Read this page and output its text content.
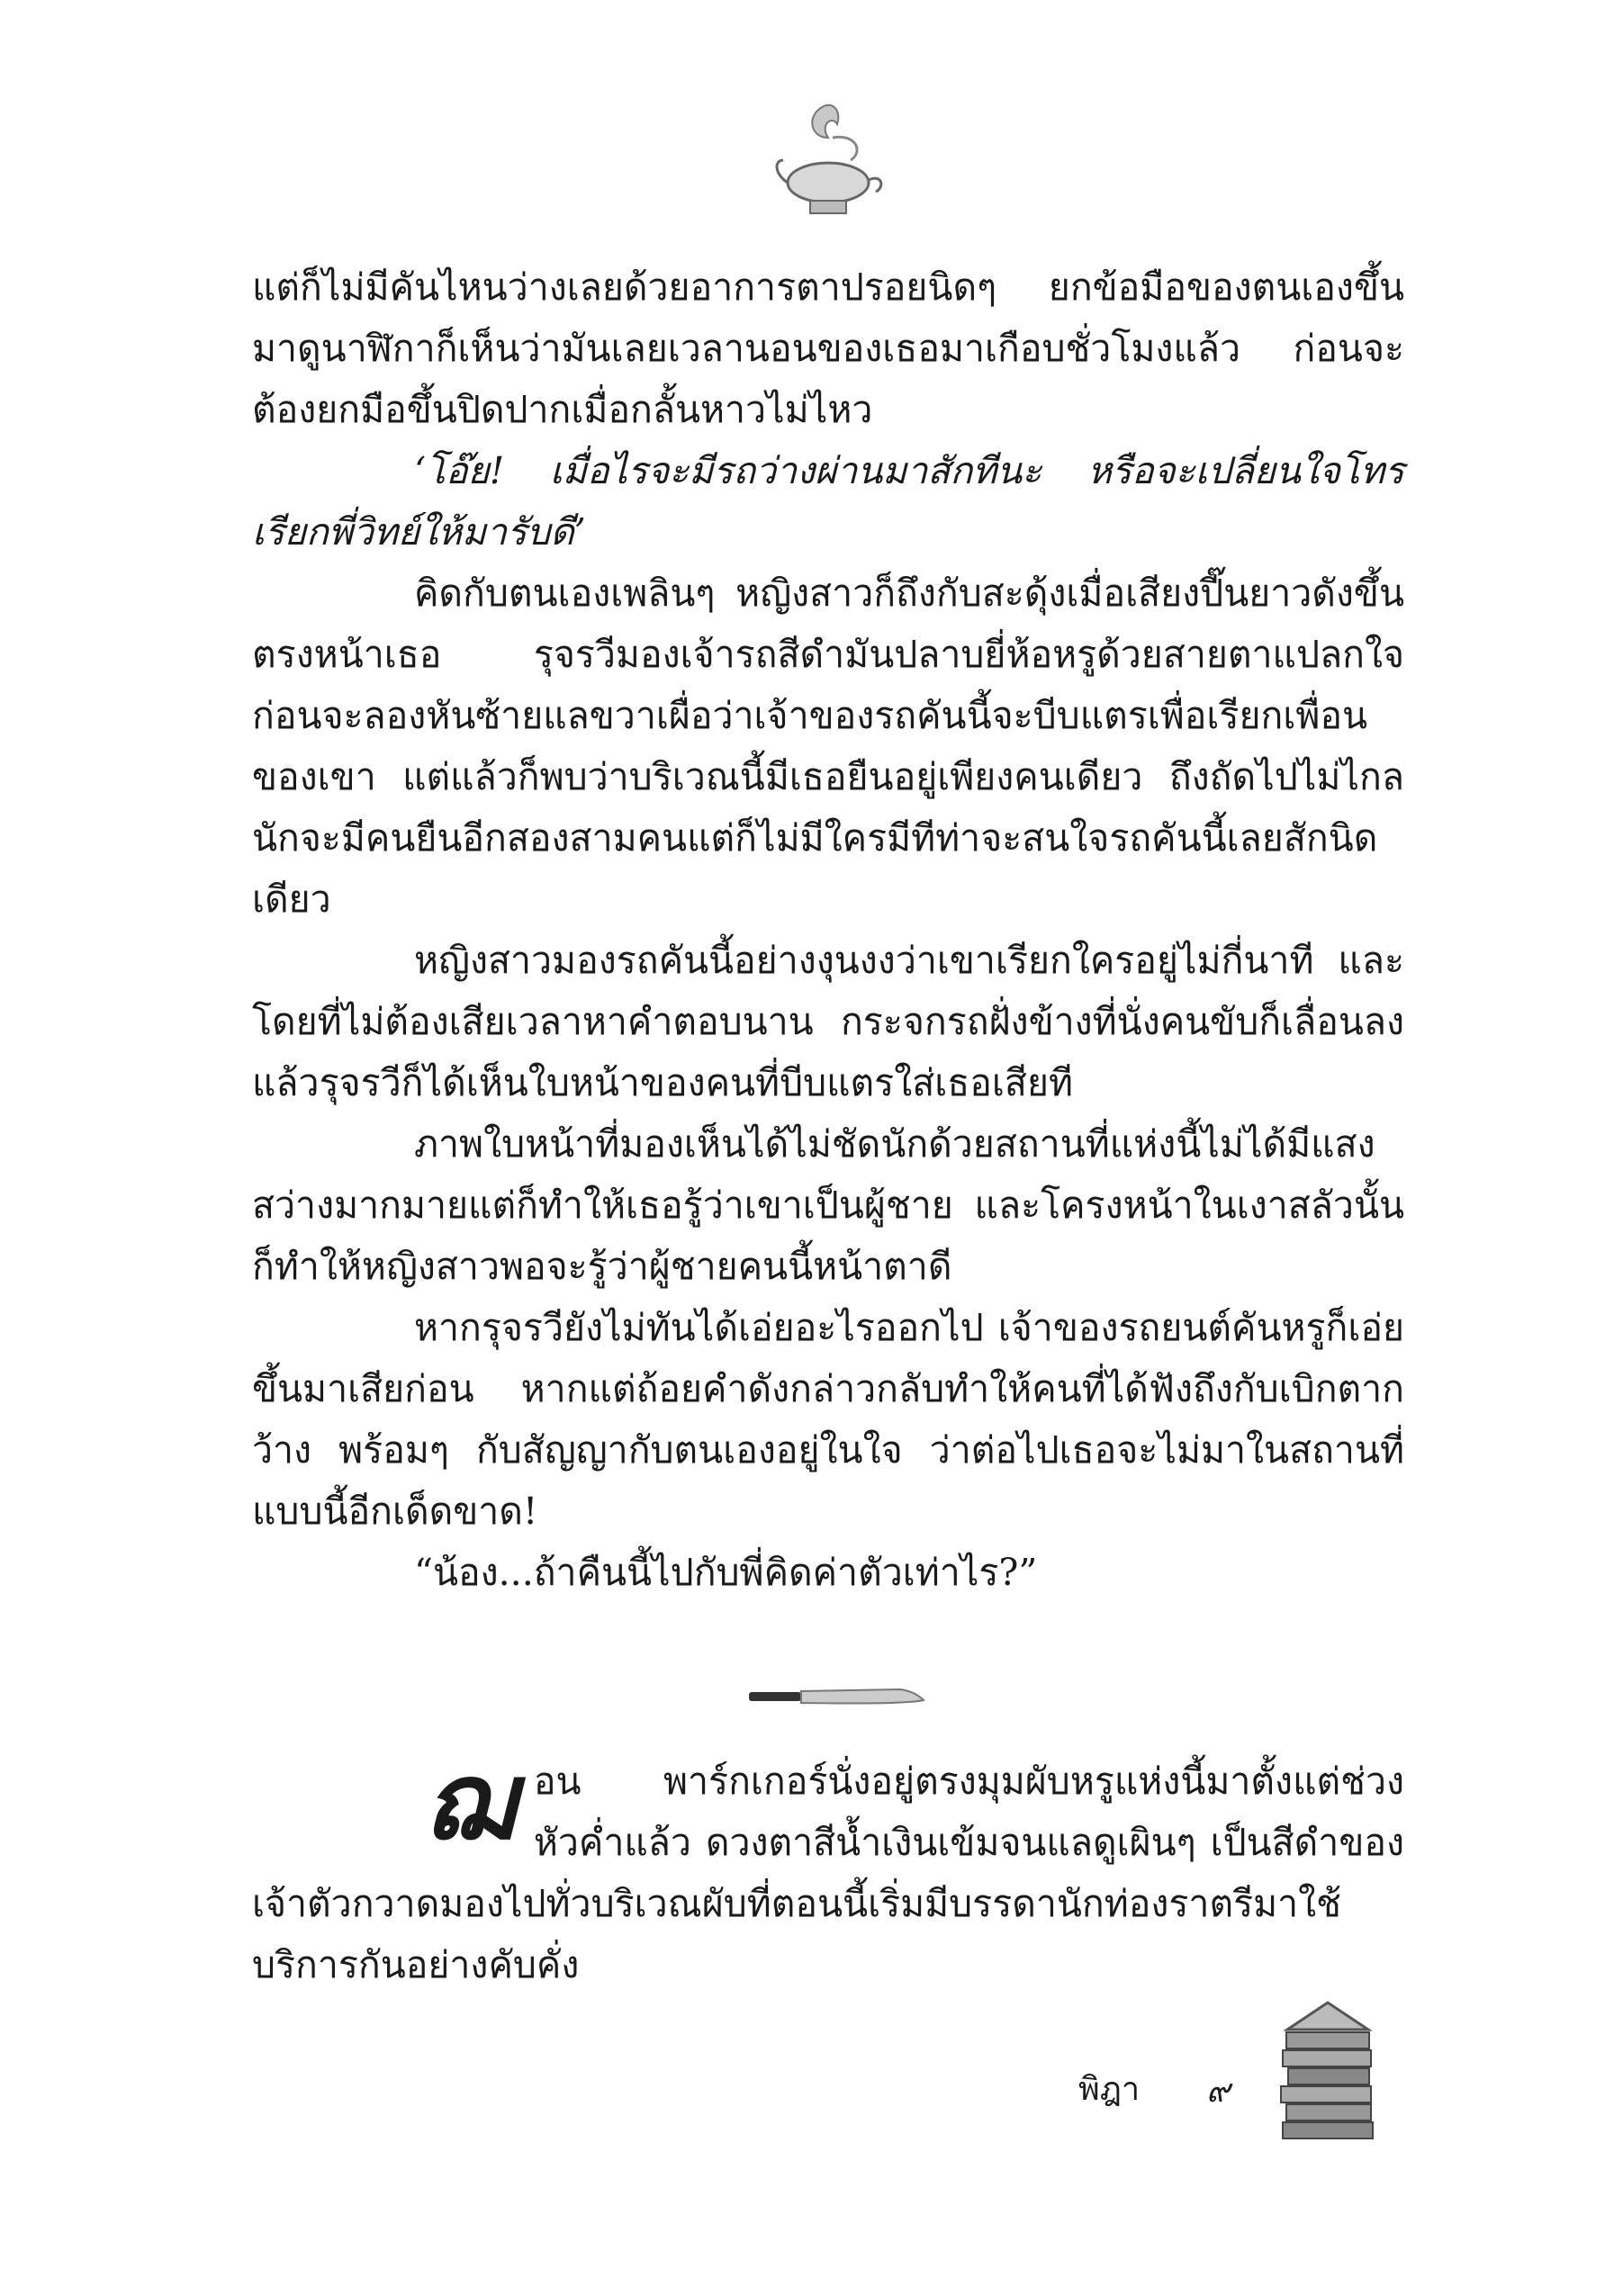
แต่ก็ไม่มีคันไหนว่างเลยด้วยอาการตาปรอยนิดๆ ยกข้อมือของตนเองขึ้นมาดูนาฬิกาก็เห็นว่ามันเลยเวลานอนของเธอมาเกือบชั่วโมงแล้ว ก่อนจะต้องยกมือขึ้นปิดปากเมื่อกลั้นหาวไม่ไหว

‘โอ๊ย! เมื่อไรจะมีรถว่างผ่านมาสักทีนะ หรือจะเปลี่ยนใจโทรเรียกพี่วิทย์ให้มารับดี’

คิดกับตนเองเพลินๆ หญิงสาวก็ถึงกับสะดุ้งเมื่อเสียงปี๊นยาวดังขึ้นตรงหน้าเธอ รุจรวีมองเจ้ารถสีดำมันปลาบยี่ห้อหรูด้วยสายตาแปลกใจ ก่อนจะลองหันซ้ายแลขวาเผื่อว่าเจ้าของรถคันนี้จะบีบแตรเพื่อเรียกเพื่อนของเขา แต่แล้วก็พบว่าบริเวณนี้มีเธอยืนอยู่เพียงคนเดียว ถึงถัดไปไม่ไกลนักจะมีคนยืนอีกสองสามคนแต่ก็ไม่มีใครมีทีท่าจะสนใจรถคันนี้เลยสักนิดเดียว

หญิงสาวมองรถคันนี้อย่างงุนงงว่าเขาเรียกใครอยู่ไม่กี่นาที และโดยที่ไม่ต้องเสียเวลาหาคำตอบนาน กระจกรถฝั่งข้างที่นั่งคนขับก็เลื่อนลงแล้วรุจรวีก็ได้เห็นใบหน้าของคนที่บีบแตรใส่เธอเสียที

ภาพใบหน้าที่มองเห็นได้ไม่ชัดนักด้วยสถานที่แห่งนี้ไม่ได้มีแสงสว่างมากมายแต่ก็ทำให้เธอรู้ว่าเขาเป็นผู้ชาย และโครงหน้าในเงาสลัวนั้นก็ทำให้หญิงสาวพอจะรู้ว่าผู้ชายคนนี้หน้าตาดี

หากรุจรวียังไม่ทันได้เอ่ยอะไรออกไป เจ้าของรถยนต์คันหรูก็เอ่ยขึ้นมาเสียก่อน หากแต่ถ้อยคำดังกล่าวกลับทำให้คนที่ได้ฟังถึงกับเบิกตากว้าง พร้อมๆ กับสัญญากับตนเองอยู่ในใจ ว่าต่อไปเธอจะไม่มาในสถานที่แบบนี้อีกเด็ดขาด!

“น้อง...ถ้าคืนนี้ไปกับพี่คิดค่าตัวเท่าไร?”

ฌ อน พาร์กเกอร์นั่งอยู่ตรงมุมผับหรูแห่งนี้มาตั้งแต่ช่วงหัวค่ำแล้ว ดวงตาสีน้ำเงินเข้มจนแลดูเผินๆ เป็นสีดำของเจ้าตัวกวาดมองไปทั่วบริเวณผับที่ตอนนี้เริ่มมีบรรดานักท่องราตรีมาใช้บริการกันอย่างคับคั่ง

พิฎา ๙
